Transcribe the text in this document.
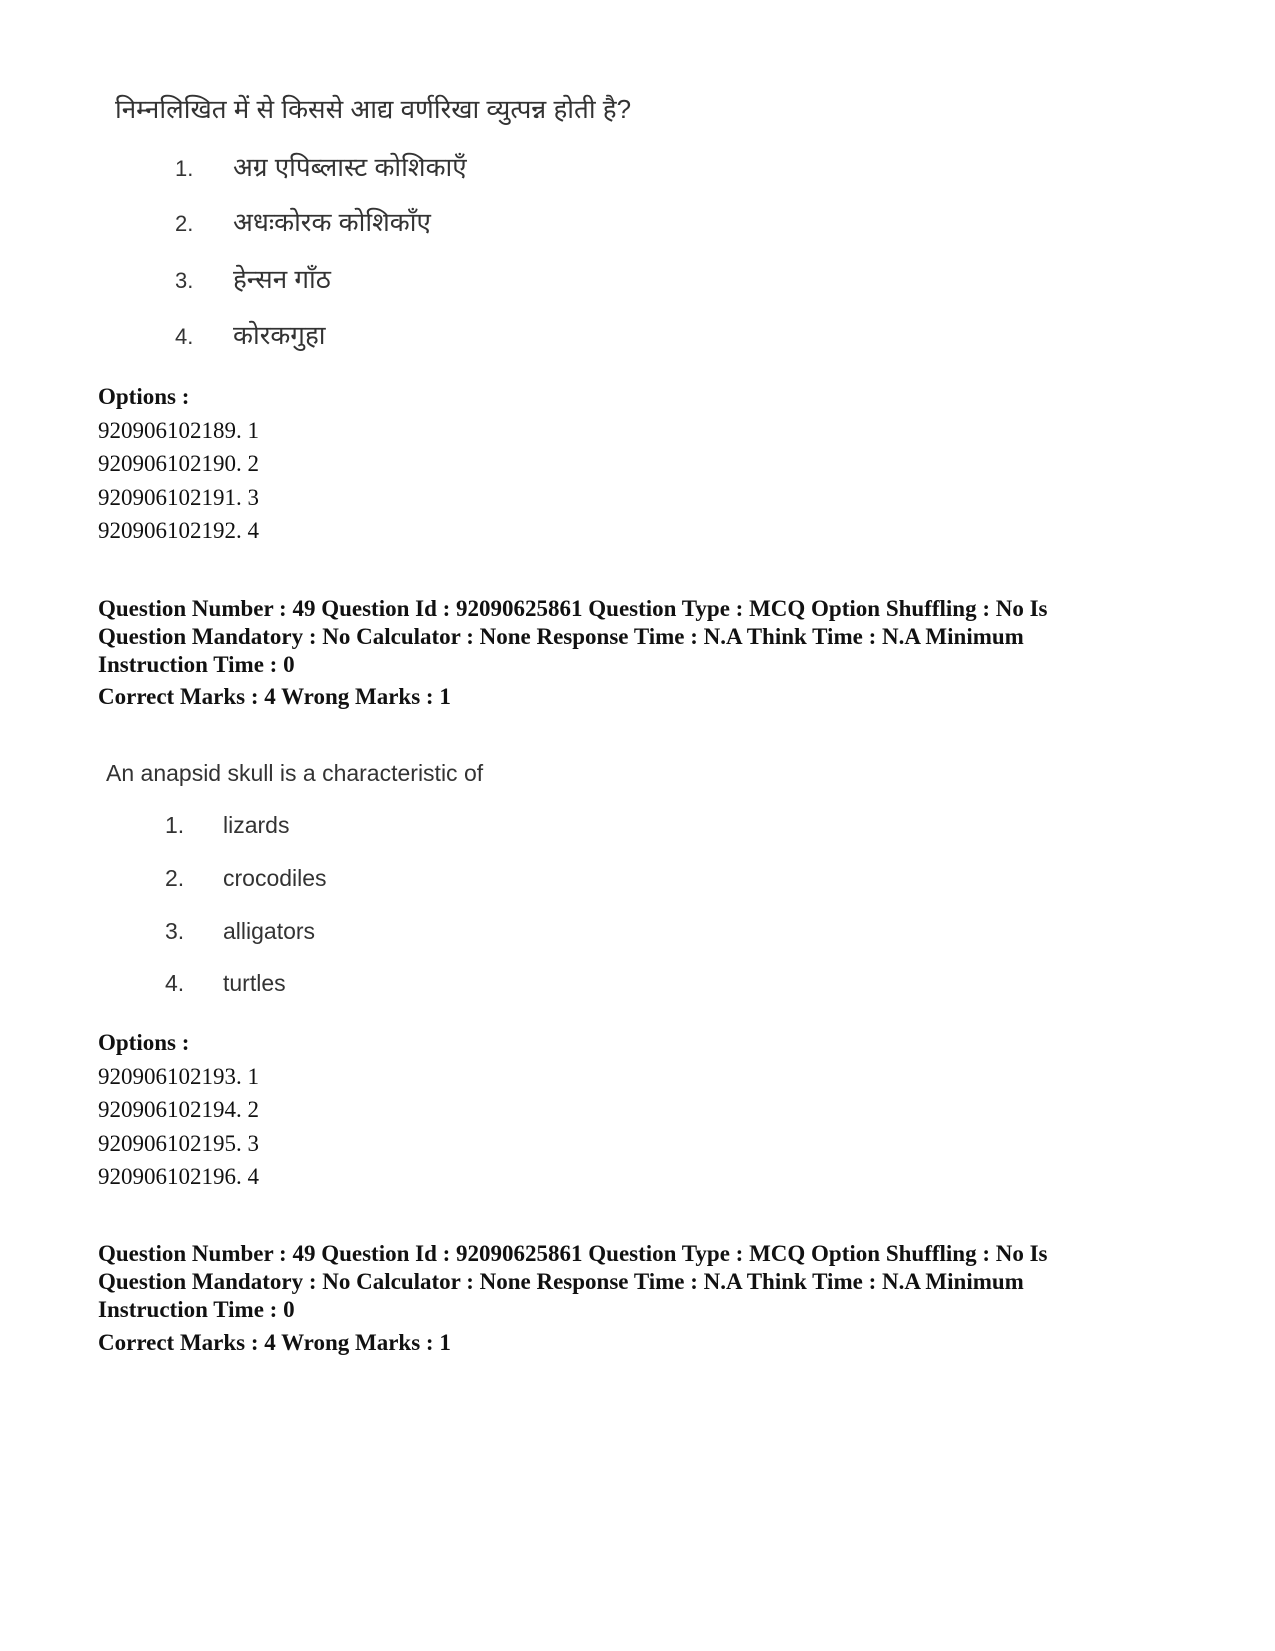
निम्नलिखित में से किससे आद्य वर्णरिखा व्युत्पन्न होती है?
1. अग्र एपिब्लास्ट कोशिकाएँ
2. अधःकोरक कोशिकाँए
3. हेन्सन गाँठ
4. कोरकगुहा
Options :
920906102189. 1
920906102190. 2
920906102191. 3
920906102192. 4
Question Number : 49 Question Id : 92090625861 Question Type : MCQ Option Shuffling : No Is
Question Mandatory : No Calculator : None Response Time : N.A Think Time : N.A Minimum
Instruction Time : 0
Correct Marks : 4 Wrong Marks : 1
An anapsid skull is a characteristic of
1. lizards
2. crocodiles
3. alligators
4. turtles
Options :
920906102193. 1
920906102194. 2
920906102195. 3
920906102196. 4
Question Number : 49 Question Id : 92090625861 Question Type : MCQ Option Shuffling : No Is
Question Mandatory : No Calculator : None Response Time : N.A Think Time : N.A Minimum
Instruction Time : 0
Correct Marks : 4 Wrong Marks : 1
